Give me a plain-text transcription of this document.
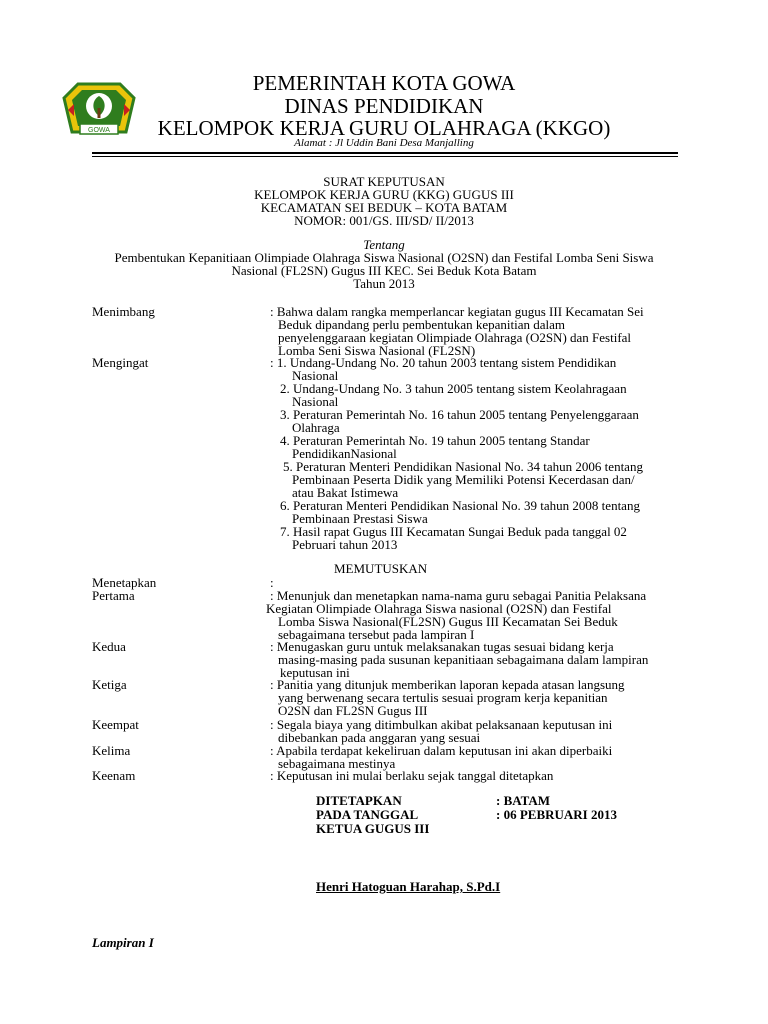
GOWA
PEMERINTAH KOTA GOWA
DINAS PENDIDIKAN
KELOMPOK KERJA GURU OLAHRAGA (KKGO)
Alamat : Jl Uddin Bani Desa Manjalling
SURAT KEPUTUSAN
KELOMPOK KERJA GURU (KKG) GUGUS III
KECAMATAN SEI BEDUK – KOTA BATAM
NOMOR: 001/GS. III/SD/ II/2013
Tentang
Pembentukan Kepanitiaan Olimpiade Olahraga Siswa Nasional (O2SN) dan Festifal Lomba Seni Siswa
Nasional (FL2SN) Gugus III KEC. Sei Beduk Kota Batam
Tahun 2013
Menimbang	: Bahwa dalam rangka memperlancar kegiatan gugus III Kecamatan Sei
Beduk dipandang perlu pembentukan kepanitian dalam
penyelenggaraan kegiatan Olimpiade Olahraga (O2SN) dan Festifal
Lomba Seni Siswa Nasional (FL2SN)
Mengingat	: 1. Undang-Undang No. 20 tahun 2003 tentang sistem Pendidikan
Nasional
2. Undang-Undang No. 3 tahun 2005 tentang sistem Keolahragaan
Nasional
3. Peraturan Pemerintah No. 16 tahun 2005 tentang Penyelenggaraan
Olahraga
4. Peraturan Pemerintah No. 19 tahun 2005 tentang Standar
PendidikanNasional
5. Peraturan Menteri Pendidikan Nasional No. 34 tahun 2006 tentang
Pembinaan Peserta Didik yang Memiliki Potensi Kecerdasan dan/
atau Bakat Istimewa
6. Peraturan Menteri Pendidikan Nasional No. 39 tahun 2008 tentang
Pembinaan Prestasi Siswa
7. Hasil rapat Gugus III Kecamatan Sungai Beduk pada tanggal 02
Pebruari tahun 2013
MEMUTUSKAN
Menetapkan	:
Pertama	: Menunjuk dan menetapkan nama-nama guru sebagai Panitia Pelaksana
Kegiatan Olimpiade Olahraga Siswa nasional (O2SN) dan Festifal
Lomba Siswa Nasional(FL2SN) Gugus III Kecamatan Sei Beduk
sebagaimana tersebut pada lampiran I
Kedua	: Menugaskan guru untuk melaksanakan tugas sesuai bidang kerja
masing-masing pada susunan kepanitiaan sebagaimana dalam lampiran
keputusan ini
Ketiga	: Panitia yang ditunjuk memberikan laporan kepada atasan langsung
yang berwenang secara tertulis sesuai program kerja kepanitian
O2SN dan FL2SN Gugus III
Keempat	: Segala biaya yang ditimbulkan akibat pelaksanaan keputusan ini
dibebankan pada anggaran yang sesuai
Kelima	: Apabila terdapat kekeliruan dalam keputusan ini akan diperbaiki
sebagaimana mestinya
Keenam	: Keputusan ini mulai berlaku sejak tanggal ditetapkan
DITETAPKAN	: BATAM
PADA TANGGAL	: 06 PEBRUARI 2013
KETUA GUGUS III
Henri Hatoguan Harahap, S.Pd.I
Lampiran I
